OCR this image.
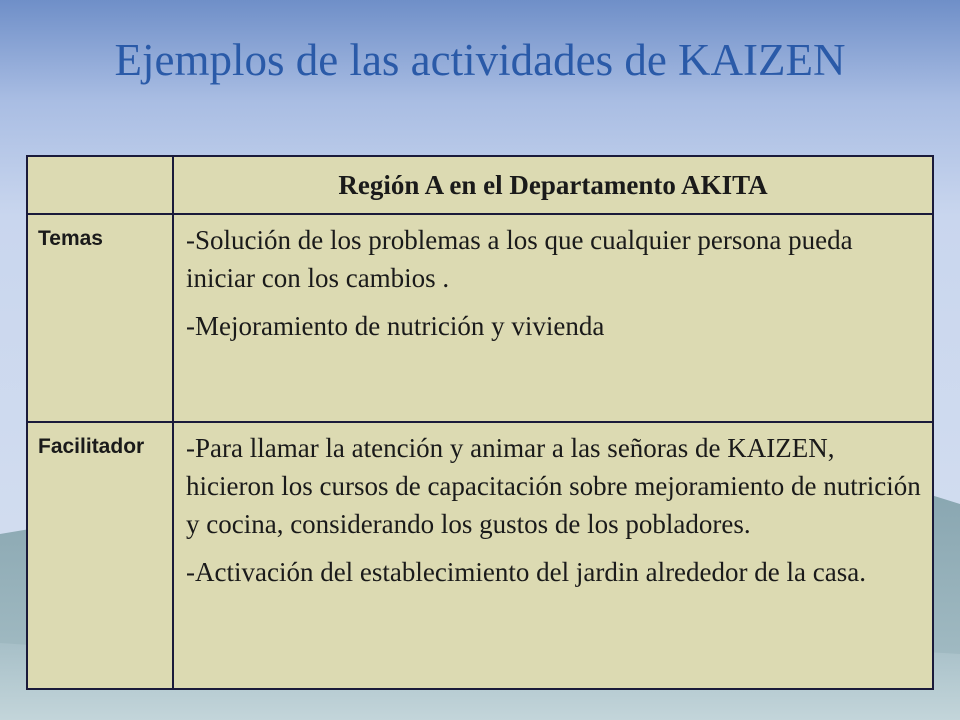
Ejemplos de las actividades de KAIZEN
	Región A en el Departamento AKITA
Temas	-Solución de los problemas a los que cualquier persona pueda iniciar con los cambios .

-Mejoramiento de nutrición y vivienda

Facilitador	-Para llamar la atención y animar a las señoras de KAIZEN, hicieron los cursos de capacitación sobre mejoramiento de nutrición y cocina, considerando los gustos de los pobladores.

-Activación del establecimiento del jardin alrededor de la casa.
